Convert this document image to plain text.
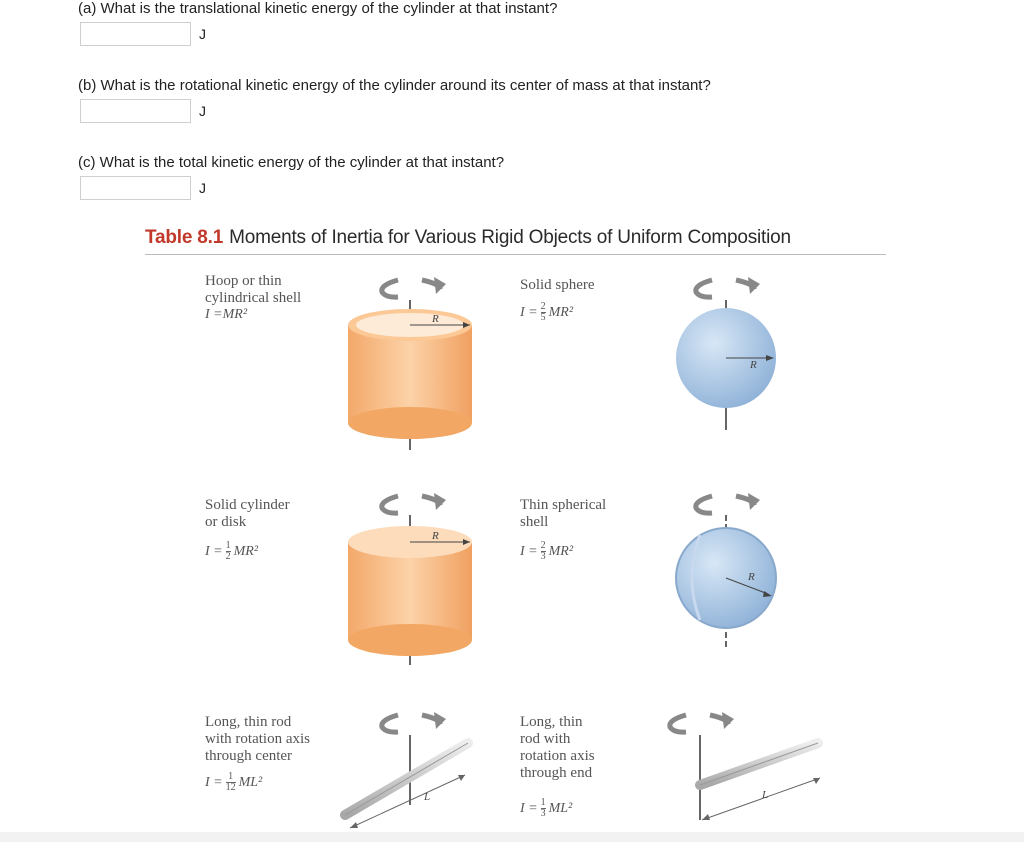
(a) What is the translational kinetic energy of the cylinder at that instant?
J
(b) What is the rotational kinetic energy of the cylinder around its center of mass at that instant?
J
(c) What is the total kinetic energy of the cylinder at that instant?
J
Table 8.1 Moments of Inertia for Various Rigid Objects of Uniform Composition
Hoop or thin
cylindrical shell
I = MR²
Solid sphere
$I = \frac{2}{5} MR^2$
Solid cylinder
or disk
$I = \frac{1}{2} MR^2$
Thin spherical
shell
$I = \frac{2}{3} MR^2$
Long, thin rod
with rotation axis
through center
$I = \frac{1}{12} ML^2$
Long, thin
rod with
rotation axis
through end
$I = \frac{1}{3} ML^2$
R
R
R
R
L	L
